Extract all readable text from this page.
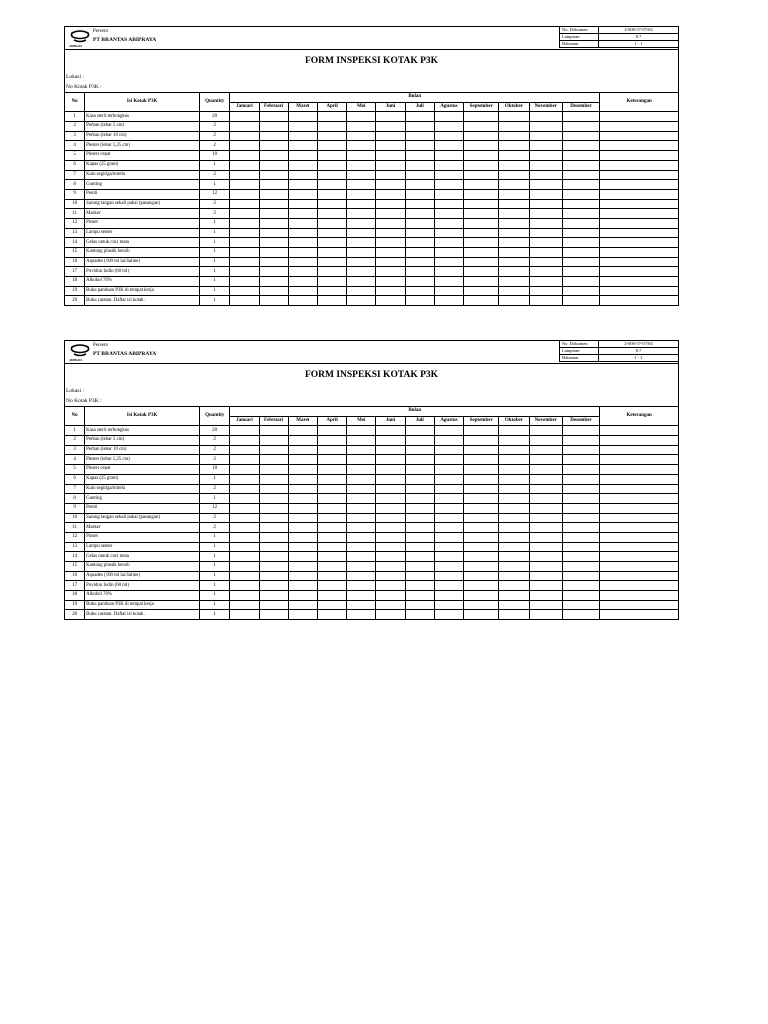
ABIPRAYA
Persero
PT BRANTAS ABIPRAYA
No. Dokumen	2-000-57-07/04
Lampiran	8.7
Halaman	1 - 1
FORM INSPEKSI KOTAK P3K
Lokasi :
No Kotak P3K :
No	Isi Kotak P3K	Quantity	Bulan												Keterangan
			Januari	Februari	Maret	April	Mei	Juni	Juli	Agustus	September	Oktober	November	Desember	
1	Kasa steril terbungkus	20													
2	Perban (lebar 5 cm)	2													
3	Perban (lebar 10 cm)	2													
4	Plester (lebar 1,25 cm)	2													
5	Plester cepat	10													
6	Kapas (25 gram)	1													
7	Kain segitiga/mitela	2													
8	Gunting	1													
9	Peniti	12													
10	Sarung tangan sekali pakai (pasangan)	2													
11	Masker	2													
12	Pinset	1													
13	Lampu senter	1													
14	Gelas untuk cuci mata	1													
15	Kantong plastik bersih	1													
16	Aquades (100 ml lar.Saline)	1													
17	Povidon Iodin (60 ml)	1													
18	Alkohol 70%	1													
19	Buku panduan P3K di tempat kerja	1													
20	Buku catatan. Daftar isi kotak.	1													
ABIPRAYA
Persero
PT BRANTAS ABIPRAYA
No. Dokumen	2-000-57-07/04
Lampiran	8.7
Halaman	1 - 1
FORM INSPEKSI KOTAK P3K
Lokasi :
No Kotak P3K :
No	Isi Kotak P3K	Quantity	Bulan												Keterangan
			Januari	Februari	Maret	April	Mei	Juni	Juli	Agustus	September	Oktober	November	Desember	
1	Kasa steril terbungkus	20													
2	Perban (lebar 5 cm)	2													
3	Perban (lebar 10 cm)	2													
4	Plester (lebar 1,25 cm)	2													
5	Plester cepat	10													
6	Kapas (25 gram)	1													
7	Kain segitiga/mitela	2													
8	Gunting	1													
9	Peniti	12													
10	Sarung tangan sekali pakai (pasangan)	2													
11	Masker	2													
12	Pinset	1													
13	Lampu senter	1													
14	Gelas untuk cuci mata	1													
15	Kantong plastik bersih	1													
16	Aquades (100 ml lar.Saline)	1													
17	Povidon Iodin (60 ml)	1													
18	Alkohol 70%	1													
19	Buku panduan P3K di tempat kerja	1													
20	Buku catatan. Daftar isi kotak.	1													
